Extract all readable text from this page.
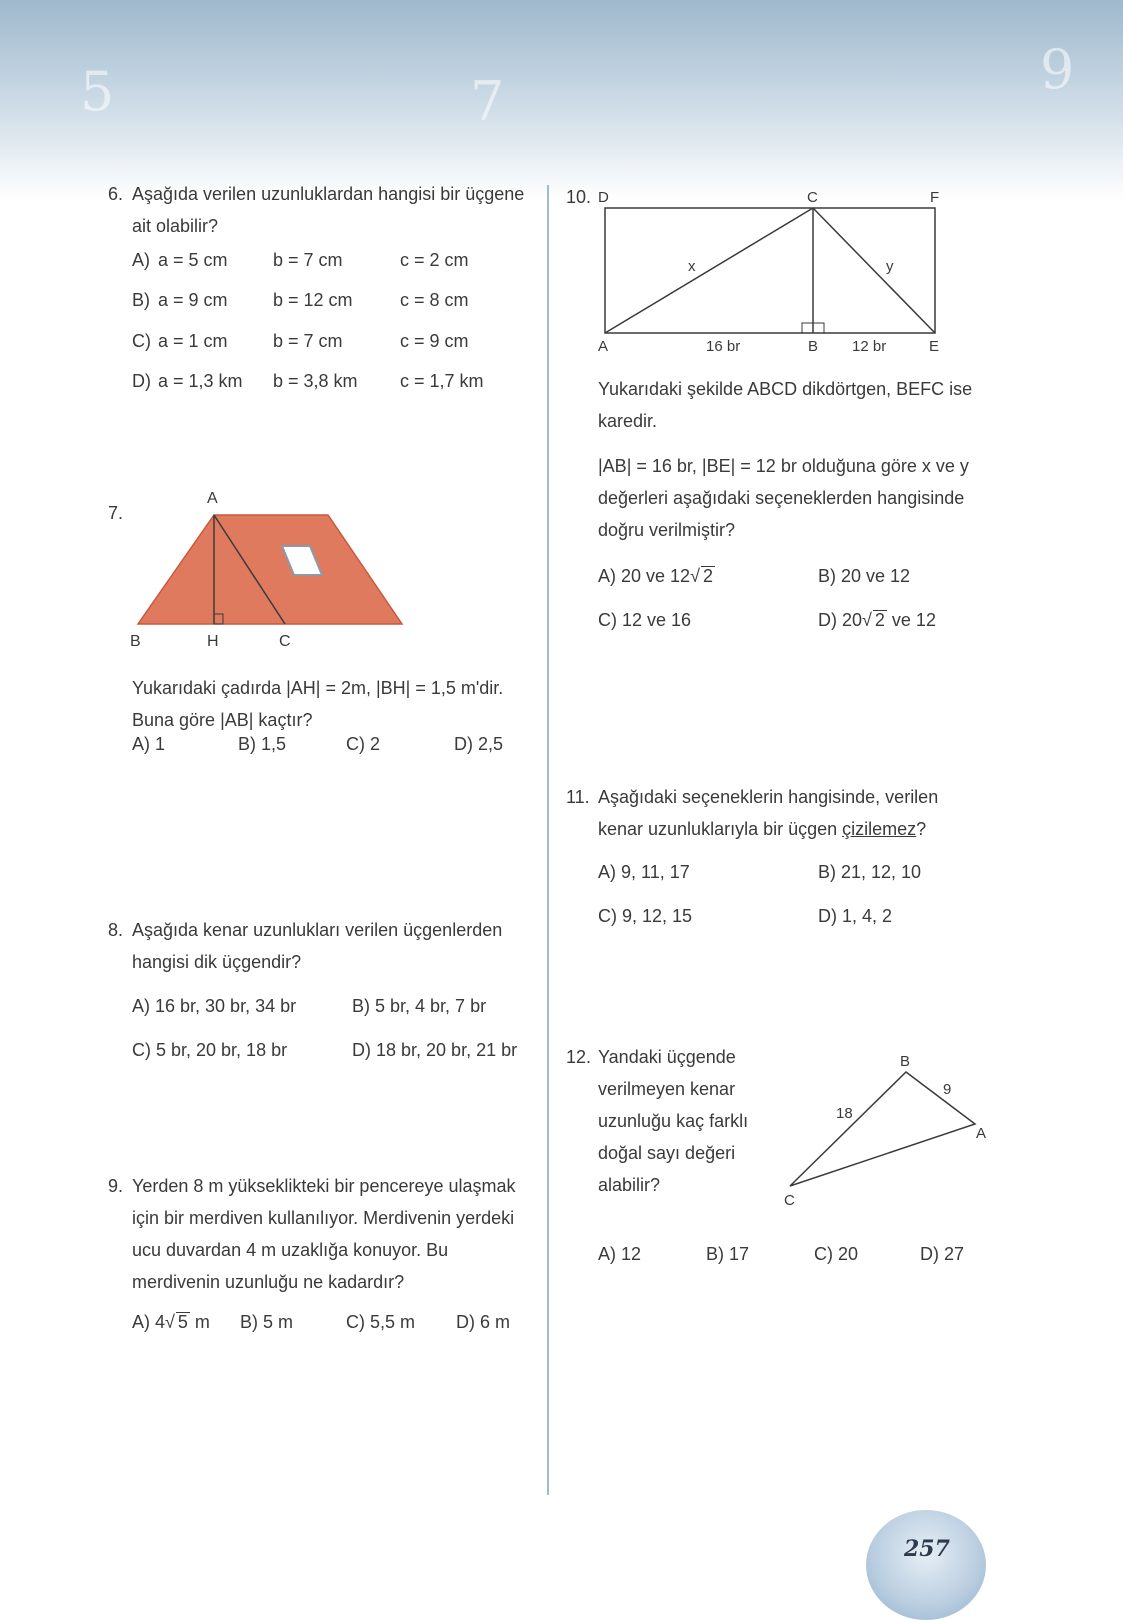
5	7
9
6. Aşağıda verilen uzunluklardan hangisi bir üçgene ait olabilir?
A) a = 5 cm	b = 7 cm	c = 2 cm
B) a = 9 cm	b = 12 cm	c = 8 cm
C) a = 1 cm	b = 7 cm	c = 9 cm
D) a = 1,3 km b = 3,8 km c = 1,7 km
7.
A
B	H	C
Yukarıdaki çadırda |AH| = 2m, |BH| = 1,5 m'dir. Buna göre |AB| kaçtır?
A) 1	B) 1,5	C) 2	D) 2,5
8. Aşağıda kenar uzunlukları verilen üçgenlerden hangisi dik üçgendir?
A) 16 br, 30 br, 34 br	B) 5 br, 4 br, 7 br
C) 5 br, 20 br, 18 br	D) 18 br, 20 br, 21 br
9. Yerden 8 m yükseklikteki bir pencereye ulaşmak için bir merdiven kullanılıyor. Merdivenin yerdeki ucu duvardan 4 m uzaklığa konuyor. Bu merdivenin uzunluğu ne kadardır?
A) 4 √ 5 m B) 5 m	C) 5,5 m D) 6 m
10. D	C	F
A	B	E
x	y
16 br	12 br
Yukarıdaki şekilde ABCD dikdörtgen, BEFC ise karedir.
|AB| = 16 br, |BE| = 12 br olduğuna göre x ve y değerleri aşağıdaki seçeneklerden hangisinde doğru verilmiştir?
A) 20 ve 12 √ 2	B) 20 ve 12
C) 12 ve 16	D) 20 √ 2 ve 12
11. Aşağıdaki seçeneklerin hangisinde, verilen kenar uzunluklarıyla bir üçgen çizilemez?
A) 9, 11, 17	B) 21, 12, 10
C) 9, 12, 15	D) 1, 4, 2
12. Yandaki üçgende verilmeyen kenar uzunluğu kaç farklı doğal sayı değeri alabilir?
B
A
C
18
9
A) 12	B) 17	C) 20	D) 27
257
